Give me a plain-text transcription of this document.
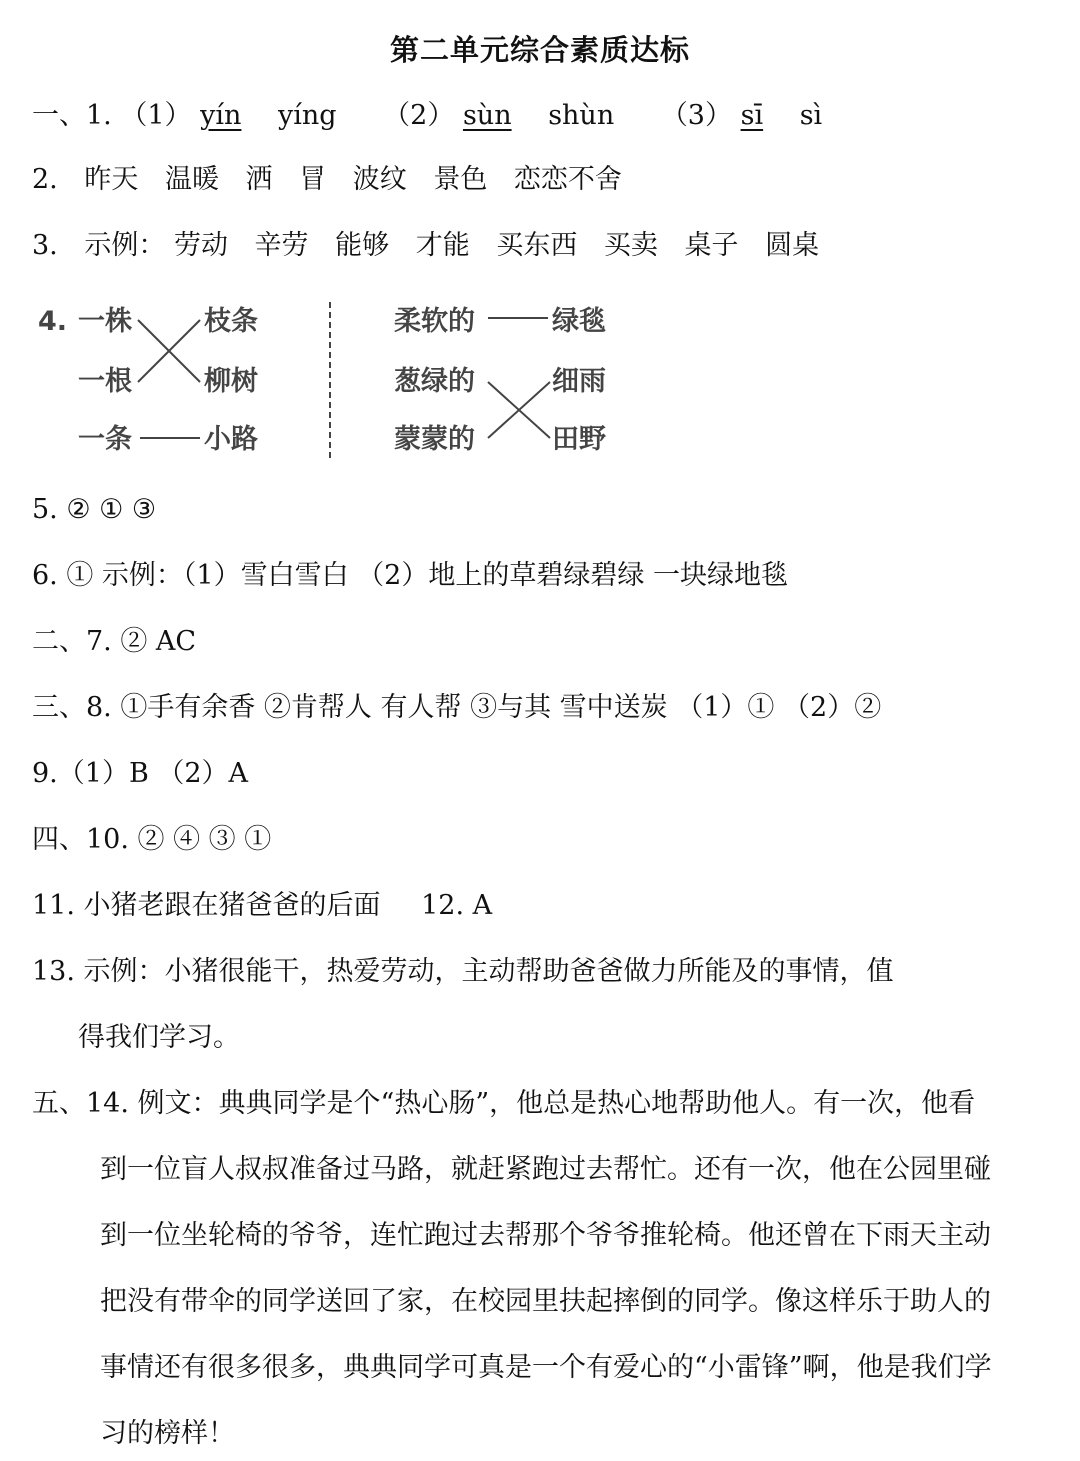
第二单元综合素质达标
一、1. （1） yín yíng （2） sùn shùn （3） sī sì
2. 昨天 温暖 洒 冒 波纹 景色 恋恋不舍
3. 示例： 劳动 辛劳 能够 才能 买东西 买卖 桌子 圆桌
4. 一株
一根
一条
枝条
柳树
小路
柔软的
葱绿的
蒙蒙的
绿毯
细雨
田野
5. ② ① ③
6. ① 示例：（1）雪白雪白 （2）地上的草碧绿碧绿 一块绿地毯
二、7. ② AC
三、8. ①手有余香 ②肯帮人 有人帮 ③与其 雪中送炭 （1）① （2）②
9.（1）B （2）A
四、10. ② ④ ③ ①
11. 小猪老跟在猪爸爸的后面 12. A
13. 示例：小猪很能干，热爱劳动，主动帮助爸爸做力所能及的事情，值
得我们学习。
五、14. 例文：典典同学是个“热心肠”，他总是热心地帮助他人。有一次，他看
到一位盲人叔叔准备过马路，就赶紧跑过去帮忙。还有一次，他在公园里碰
到一位坐轮椅的爷爷，连忙跑过去帮那个爷爷推轮椅。他还曾在下雨天主动
把没有带伞的同学送回了家，在校园里扶起摔倒的同学。像这样乐于助人的
事情还有很多很多，典典同学可真是一个有爱心的“小雷锋”啊，他是我们学
习的榜样！
